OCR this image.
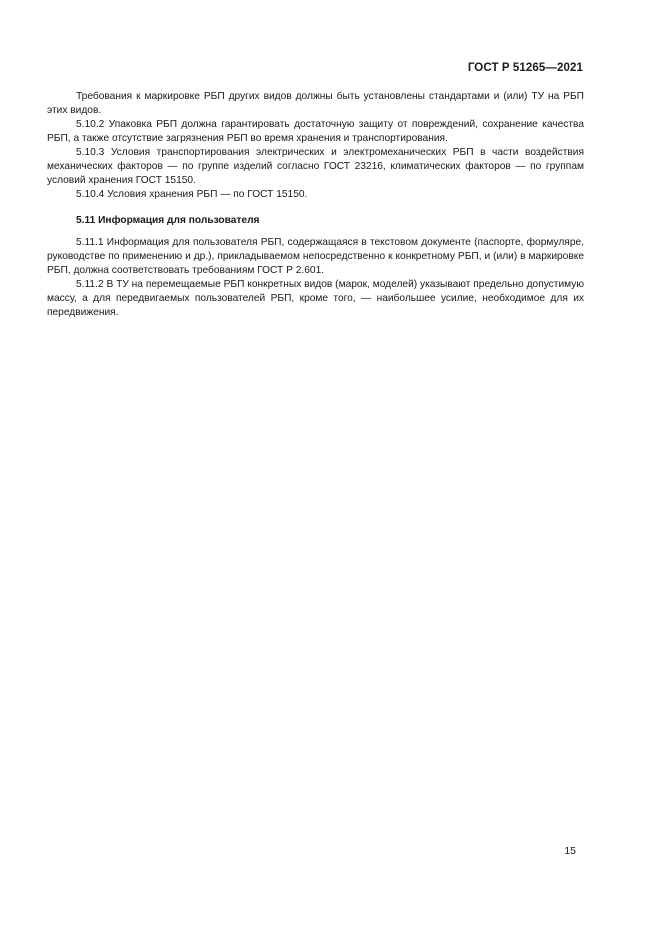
ГОСТ Р 51265—2021

Требования к маркировке РБП других видов должны быть установлены стандартами и (или) ТУ на РБП этих видов.

5.10.2 Упаковка РБП должна гарантировать достаточную защиту от повреждений, сохранение качества РБП, а также отсутствие загрязнения РБП во время хранения и транспортирования.

5.10.3 Условия транспортирования электрических и электромеханических РБП в части воздействия механических факторов — по группе изделий согласно ГОСТ 23216, климатических факторов — по группам условий хранения ГОСТ 15150.

5.10.4 Условия хранения РБП — по ГОСТ 15150.

5.11 Информация для пользователя

5.11.1 Информация для пользователя РБП, содержащаяся в текстовом документе (паспорте, формуляре, руководстве по применению и др.), прикладываемом непосредственно к конкретному РБП, и (или) в маркировке РБП, должна соответствовать требованиям ГОСТ Р 2.601.

5.11.2 В ТУ на перемещаемые РБП конкретных видов (марок, моделей) указывают предельно допустимую массу, а для передвигаемых пользователей РБП, кроме того, — наибольшее усилие, необходимое для их передвижения.

15
